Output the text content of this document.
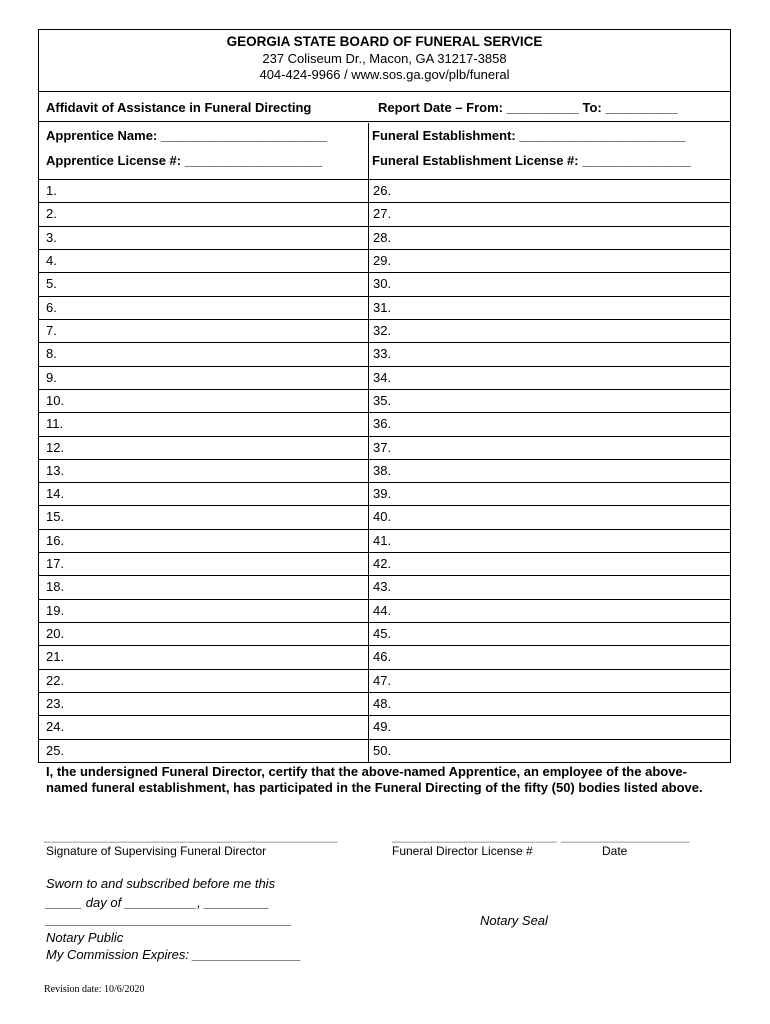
GEORGIA STATE BOARD OF FUNERAL SERVICE
237 Coliseum Dr., Macon, GA 31217-3858
404-424-9966 / www.sos.ga.gov/plb/funeral
Affidavit of Assistance in Funeral Directing	Report Date – From: __________ To: __________
Apprentice Name: _______________________
Apprentice License #: ___________________
Funeral Establishment: _______________________
Funeral Establishment License #: _______________
1.	26.
2.	27.
3.	28.
4.	29.
5.	30.
6.	31.
7.	32.
8.	33.
9.	34.
10.	35.
11.	36.
12.	37.
13.	38.
14.	39.
15.	40.
16.	41.
17.	42.
18.	43.
19.	44.
20.	45.
21.	46.
22.	47.
23.	48.
24.	49.
25.	50.
I, the undersigned Funeral Director, certify that the above-named Apprentice, an employee of the above-named funeral establishment, has participated in the Funeral Directing of the fifty (50) bodies listed above.
_________________________________________	_______________________ __________________
Signature of Supervising Funeral Director	Funeral Director License #	Date
Sworn to and subscribed before me this
_____ day of __________, _________
__________________________________	Notary Seal
Notary Public
My Commission Expires: _______________
Revision date: 10/6/2020
